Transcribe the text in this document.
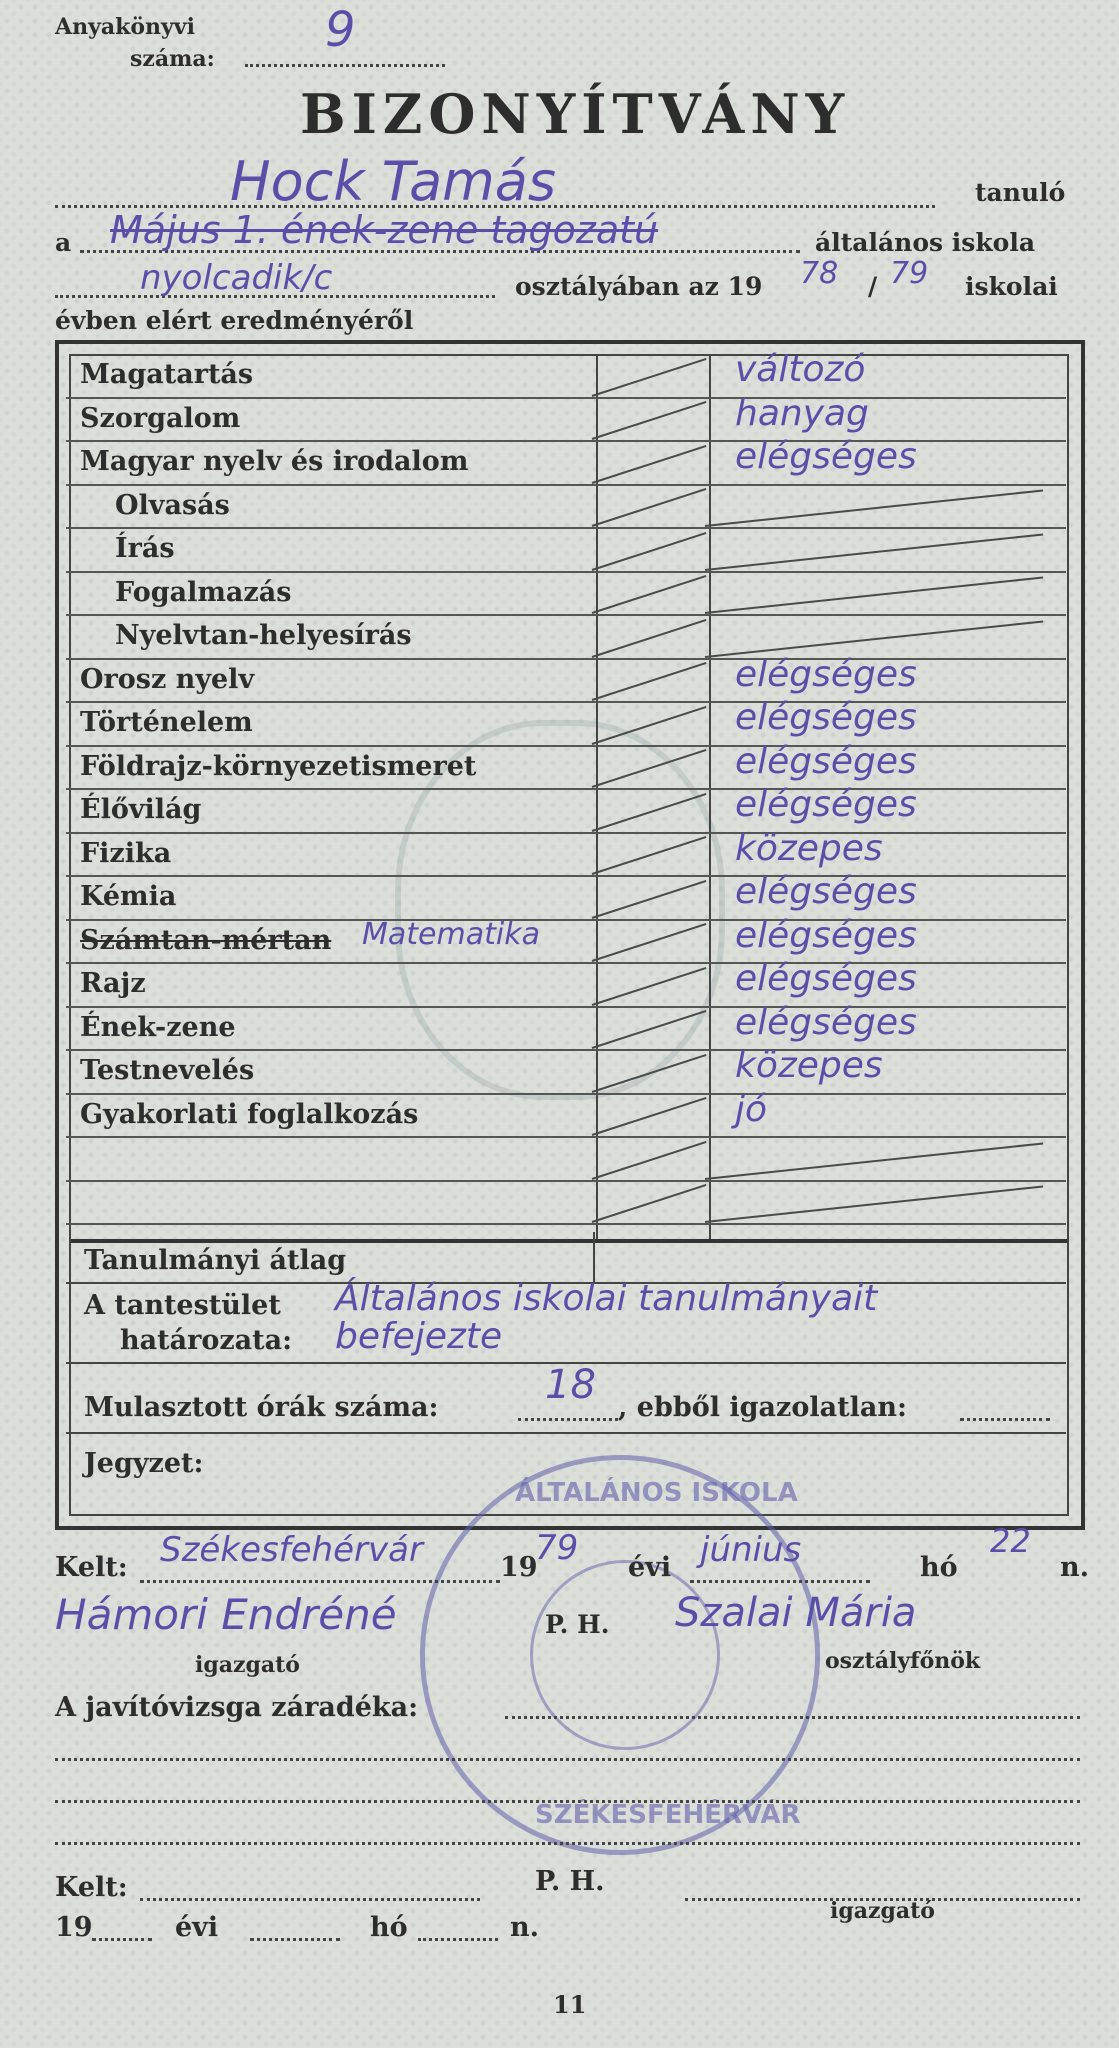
Anyakönyvi
száma:
9
BIZONYÍTVÁNY
Hock Tamás	tanuló
a Május 1. ének-zene tagozatú	általános iskola
nyolcadik/c	osztályában az 19 78 / 79 iskolai
évben elért eredményéről
Magatartás	változó
Szorgalom	hanyag
Magyar nyelv és irodalom	elégséges
Olvasás
Írás
Fogalmazás
Nyelvtan-helyesírás
Orosz nyelv	elégséges
Történelem	elégséges
Földrajz-környezetismeret	elégséges
Élővilág	elégséges
Fizika	közepes
Kémia	elégséges
Számtan-mértan Matematika	elégséges
Rajz	elégséges
Ének-zene	elégséges
Testnevelés	közepes
Gyakorlati foglalkozás	jó
Tanulmányi átlag
A tantestület
határozata:
Általános iskolai tanulmányait
befejezte
Mulasztott órák száma:	18 , ebből igazolatlan:
Jegyzet:
ÁLTALÁNOS ISKOLA
SZÉKESFEHÉRVÁR
Kelt: Székesfehérvár	19
79 évi június	hó
22
n.
Hámori Endréné	P. H. Szalai Mária
igazgató	osztályfőnök
A javítóvizsga záradéka:
Kelt:	P. H.
19	évi	hó	n.
igazgató
11
